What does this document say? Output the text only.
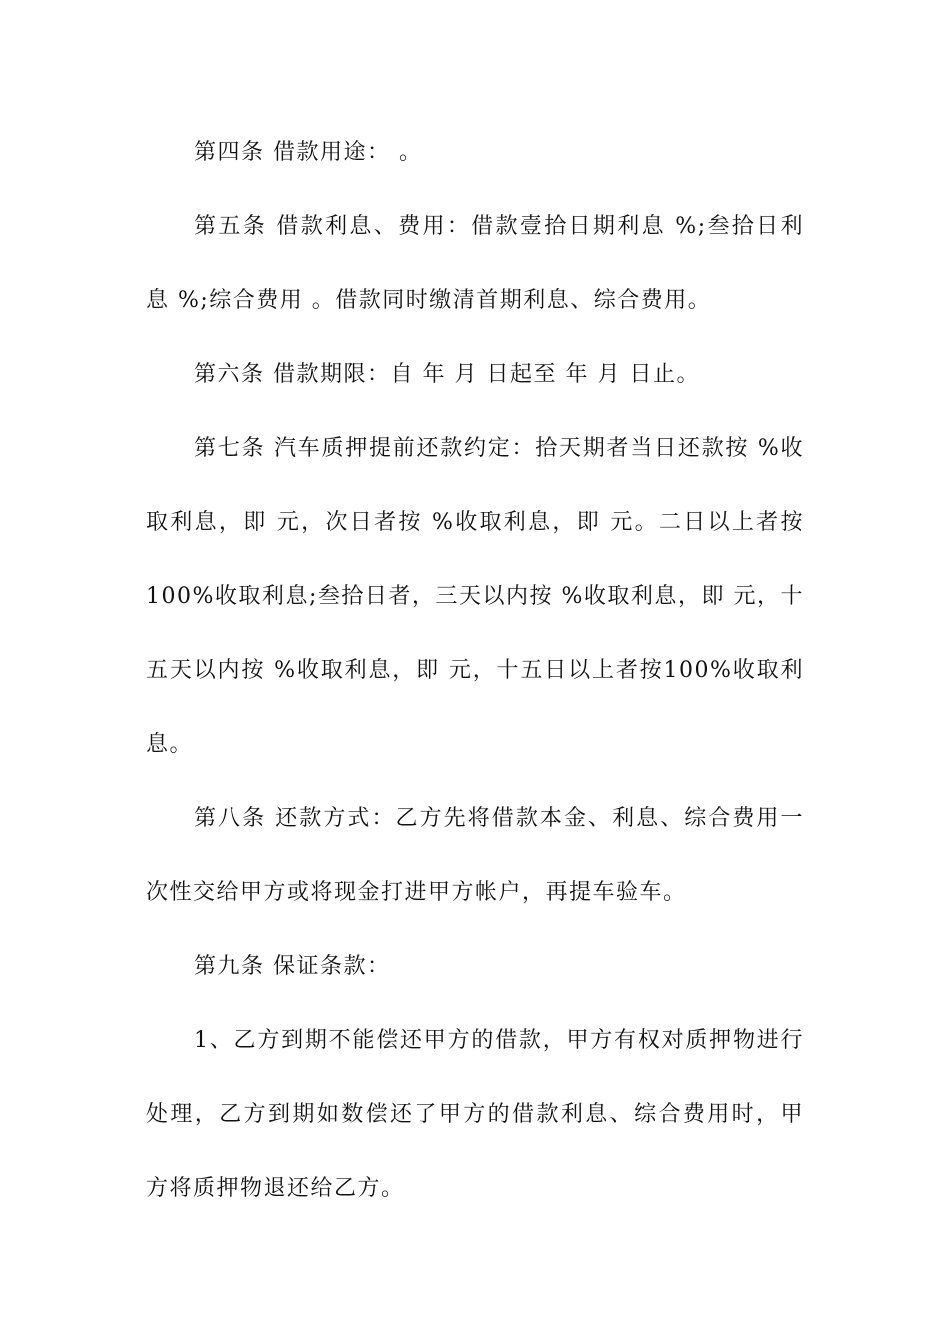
第四条 借款用途： 。
第五条 借款利息、费用：借款壹拾日期利息 %;叁拾日利
息 %;综合费用 。借款同时缴清首期利息、综合费用。
第六条 借款期限：自 年 月 日起至 年 月 日止。
第七条 汽车质押提前还款约定：拾天期者当日还款按 %收
取利息，即 元，次日者按 %收取利息，即 元。二日以上者按
100%收取利息;叁拾日者，三天以内按 %收取利息，即 元，十
五天以内按 %收取利息，即 元，十五日以上者按100%收取利
息。
第八条 还款方式：乙方先将借款本金、利息、综合费用一
次性交给甲方或将现金打进甲方帐户，再提车验车。
第九条 保证条款：
1、乙方到期不能偿还甲方的借款，甲方有权对质押物进行
处理，乙方到期如数偿还了甲方的借款利息、综合费用时，甲
方将质押物退还给乙方。
